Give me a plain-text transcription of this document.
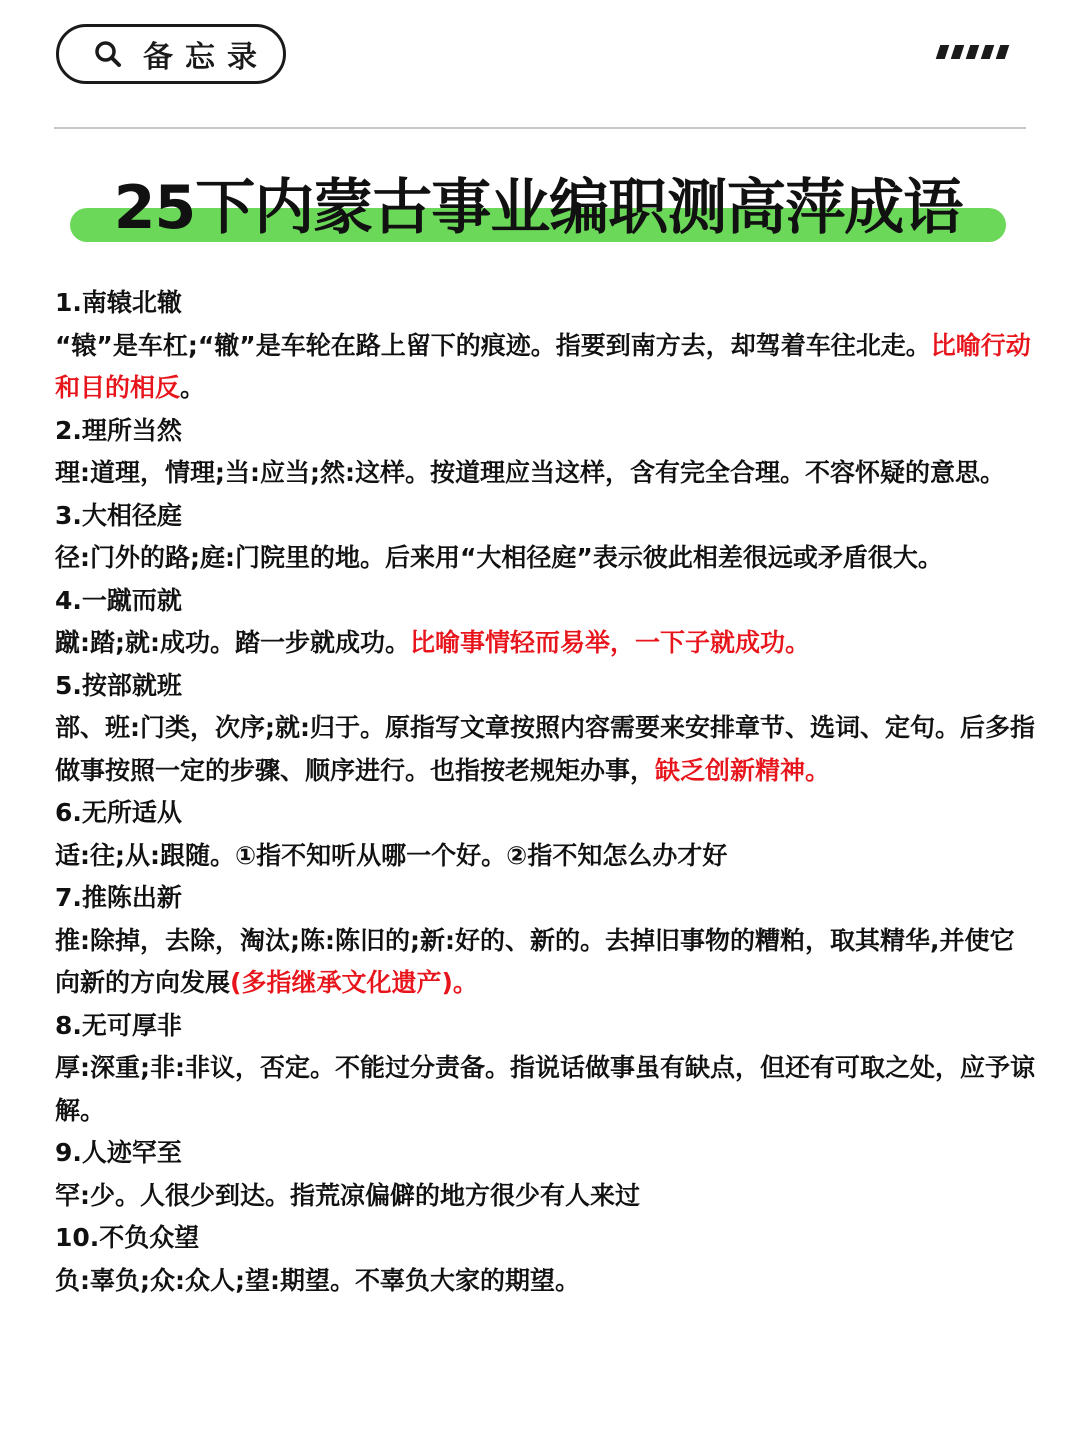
备忘录
25下内蒙古事业编职测高萍成语

1.南辕北辙

“辕”是车杠;“辙”是车轮在路上留下的痕迹。指要到南方去，却驾着车往北走。比喻行动和目的相反。

2.理所当然

理:道理，情理;当:应当;然:这样。按道理应当这样，含有完全合理。不容怀疑的意思。

3.大相径庭

径:门外的路;庭:门院里的地。后来用“大相径庭”表示彼此相差很远或矛盾很大。

4.一蹴而就

蹴:踏;就:成功。踏一步就成功。比喻事情轻而易举，一下子就成功。

5.按部就班

部、班:门类，次序;就:归于。原指写文章按照内容需要来安排章节、选词、定句。后多指做事按照一定的步骤、顺序进行。也指按老规矩办事，缺乏创新精神。

6.无所适从

适:往;从:跟随。①指不知听从哪一个好。②指不知怎么办才好

7.推陈出新

推:除掉，去除，淘汰;陈:陈旧的;新:好的、新的。去掉旧事物的糟粕，取其精华,并使它向新的方向发展(多指继承文化遗产)。

8.无可厚非

厚:深重;非:非议，否定。不能过分责备。指说话做事虽有缺点，但还有可取之处，应予谅解。

9.人迹罕至

罕:少。人很少到达。指荒凉偏僻的地方很少有人来过

10.不负众望

负:辜负;众:众人;望:期望。不辜负大家的期望。
